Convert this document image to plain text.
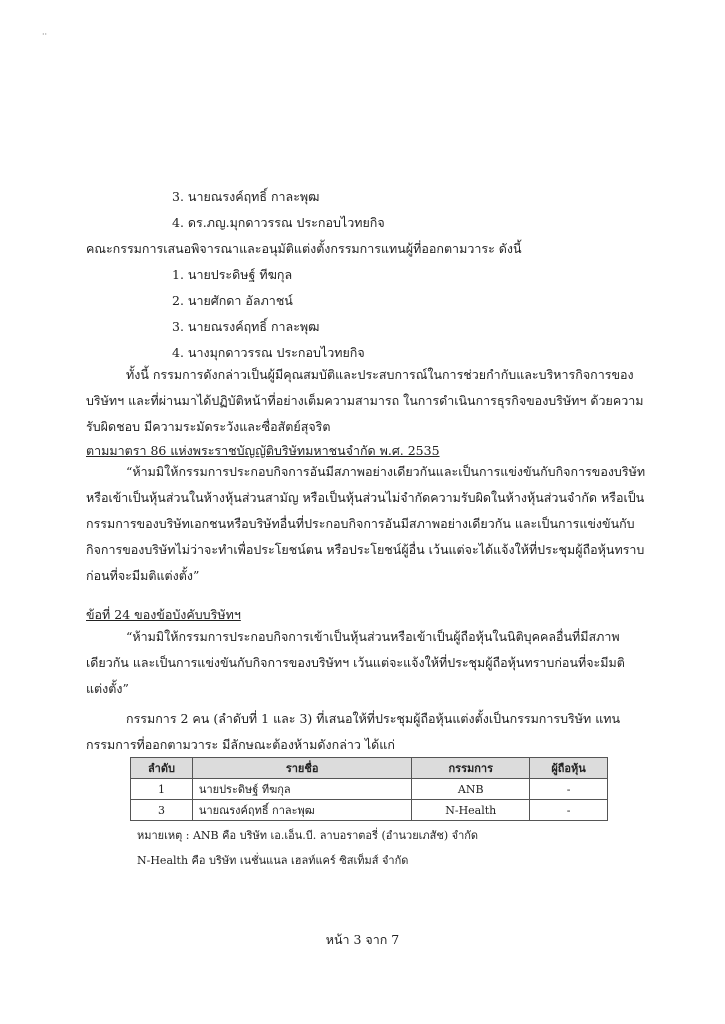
··
3. นายณรงค์ฤทธิ์ กาละพุฒ
4. ดร.ภญ.มุกดาวรรณ ประกอบไวทยกิจ
คณะกรรมการเสนอพิจารณาและอนุมัติแต่งตั้งกรรมการแทนผู้ที่ออกตามวาระ ดังนี้
1. นายประดิษฐ์ ทีฆกุล
2. นายศักดา อัลภาชน์
3. นายณรงค์ฤทธิ์ กาละพุฒ
4. นางมุกดาวรรณ ประกอบไวทยกิจ
ทั้งนี้ กรรมการดังกล่าวเป็นผู้มีคุณสมบัติและประสบการณ์ในการช่วยกำกับและบริหารกิจการของ
บริษัทฯ และที่ผ่านมาได้ปฏิบัติหน้าที่อย่างเต็มความสามารถ ในการดำเนินการธุรกิจของบริษัทฯ ด้วยความ
รับผิดชอบ มีความระมัดระวังและซื่อสัตย์สุจริต
ตามมาตรา 86 แห่งพระราชบัญญัติบริษัทมหาชนจำกัด พ.ศ. 2535
“ห้ามมิให้กรรมการประกอบกิจการอันมีสภาพอย่างเดียวกันและเป็นการแข่งขันกับกิจการของบริษัท
หรือเข้าเป็นหุ้นส่วนในห้างหุ้นส่วนสามัญ หรือเป็นหุ้นส่วนไม่จำกัดความรับผิดในห้างหุ้นส่วนจำกัด หรือเป็น
กรรมการของบริษัทเอกชนหรือบริษัทอื่นที่ประกอบกิจการอันมีสภาพอย่างเดียวกัน และเป็นการแข่งขันกับ
กิจการของบริษัทไม่ว่าจะทำเพื่อประโยชน์ตน หรือประโยชน์ผู้อื่น เว้นแต่จะได้แจ้งให้ที่ประชุมผู้ถือหุ้นทราบ
ก่อนที่จะมีมติแต่งตั้ง”
ข้อที่ 24 ของข้อบังคับบริษัทฯ
“ห้ามมิให้กรรมการประกอบกิจการเข้าเป็นหุ้นส่วนหรือเข้าเป็นผู้ถือหุ้นในนิติบุคคลอื่นที่มีสภาพ
เดียวกัน และเป็นการแข่งขันกับกิจการของบริษัทฯ เว้นแต่จะแจ้งให้ที่ประชุมผู้ถือหุ้นทราบก่อนที่จะมีมติ
แต่งตั้ง”
กรรมการ 2 คน (ลำดับที่ 1 และ 3) ที่เสนอให้ที่ประชุมผู้ถือหุ้นแต่งตั้งเป็นกรรมการบริษัท แทน
กรรมการที่ออกตามวาระ มีลักษณะต้องห้ามดังกล่าว ได้แก่
ลำดับ	รายชื่อ	กรรมการ	ผู้ถือหุ้น
1	นายประดิษฐ์ ทีฆกุล	ANB	-
3	นายณรงค์ฤทธิ์ กาละพุฒ	N-Health	-
หมายเหตุ : ANB คือ บริษัท เอ.เอ็น.บี. ลาบอราตอรี่ (อำนวยเภสัช) จำกัด
N-Health คือ บริษัท เนชั่นแนล เฮลท์แคร์ ซิสเท็มส์ จำกัด
หน้า 3 จาก 7
